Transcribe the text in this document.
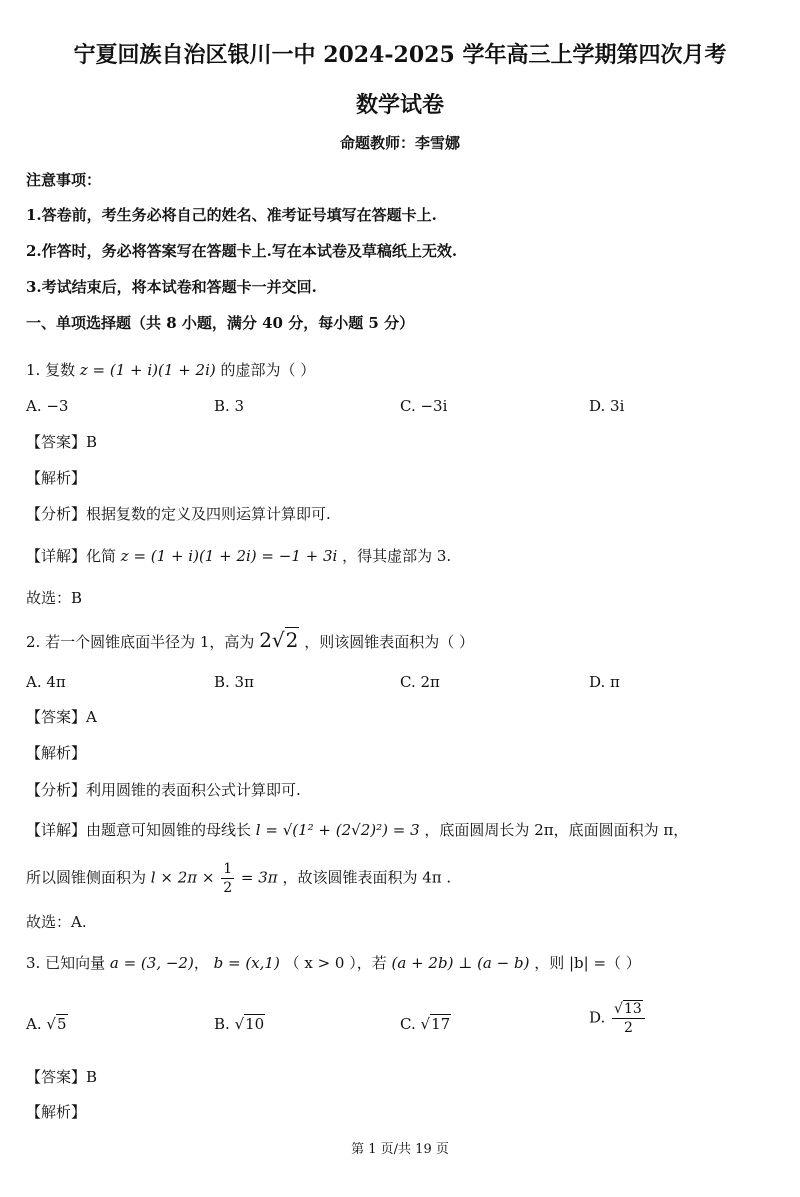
宁夏回族自治区银川一中 2024-2025 学年高三上学期第四次月考
数学试卷
命题教师：李雪娜
注意事项：
1.答卷前，考生务必将自己的姓名、准考证号填写在答题卡上.
2.作答时，务必将答案写在答题卡上.写在本试卷及草稿纸上无效.
3.考试结束后，将本试卷和答题卡一并交回.
一、单项选择题（共 8 小题，满分 40 分，每小题 5 分）
1. 复数 z = (1 + i)(1 + 2i) 的虚部为（ ）
A. −3	B. 3	C. −3i	D. 3i
【答案】B
【解析】
【分析】根据复数的定义及四则运算计算即可.
【详解】化简 z = (1 + i)(1 + 2i) = −1 + 3i ，得其虚部为 3.
故选：B
2. 若一个圆锥底面半径为 1，高为 2√2 ，则该圆锥表面积为（ ）
A. 4π	B. 3π	C. 2π	D. π
【答案】A
【解析】
【分析】利用圆锥的表面积公式计算即可.
【详解】由题意可知圆锥的母线长 l = √(1² + (2√2)²) = 3 ，底面圆周长为 2π，底面圆面积为 π，
所以圆锥侧面积为 $l \times 2\pi \times \frac{1}{2} = 3\pi$ ，故该圆锥表面积为 4π .
故选：A.
3. 已知向量 a = (3, −2)， b = (x,1) （ x > 0 ），若 (a + 2b) ⊥ (a − b) ，则 |b| =（ ）
A. √5	B. √10	C. √17	D. $\frac{√13}{2}$
【答案】B
【解析】
第 1 页/共 19 页
